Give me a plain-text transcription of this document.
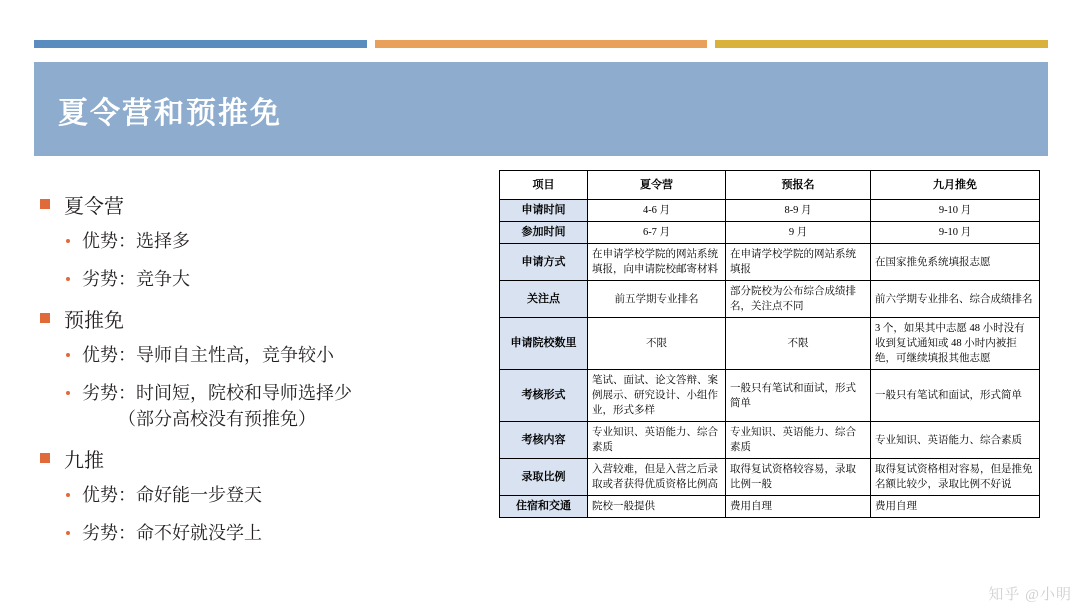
夏令营和预推免
夏令营
优势：选择多
劣势：竞争大
预推免
优势：导师自主性高，竞争较小
劣势：时间短，院校和导师选择少
（部分高校没有预推免）
九推
优势：命好能一步登天
劣势：命不好就没学上
项目	夏令营	预报名	九月推免
申请时间	4-6 月	8-9 月	9-10 月
参加时间	6-7 月	9 月	9-10 月
申请方式	在申请学校学院的网站系统填报，向申请院校邮寄材料	在申请学校学院的网站系统填报	在国家推免系统填报志愿
关注点	前五学期专业排名	部分院校为公布综合成绩排名，关注点不同	前六学期专业排名、综合成绩排名
申请院校数里	不限	不限	3 个，如果其中志愿 48 小时没有收到复试通知或 48 小时内被拒绝，可继续填报其他志愿
考核形式	笔试、面试、论文答辩、案例展示、研究设计、小组作业，形式多样	一般只有笔试和面试，形式简单	一般只有笔试和面试，形式简单
考核内容	专业知识、英语能力、综合素质	专业知识、英语能力、综合素质	专业知识、英语能力、综合素质
录取比例	入营较难，但是入营之后录取或者获得优质资格比例高	取得复试资格较容易，录取比例一般	取得复试资格相对容易，但是推免名额比较少，录取比例不好说
住宿和交通	院校一般提供	费用自理	费用自理
知乎 @小明
